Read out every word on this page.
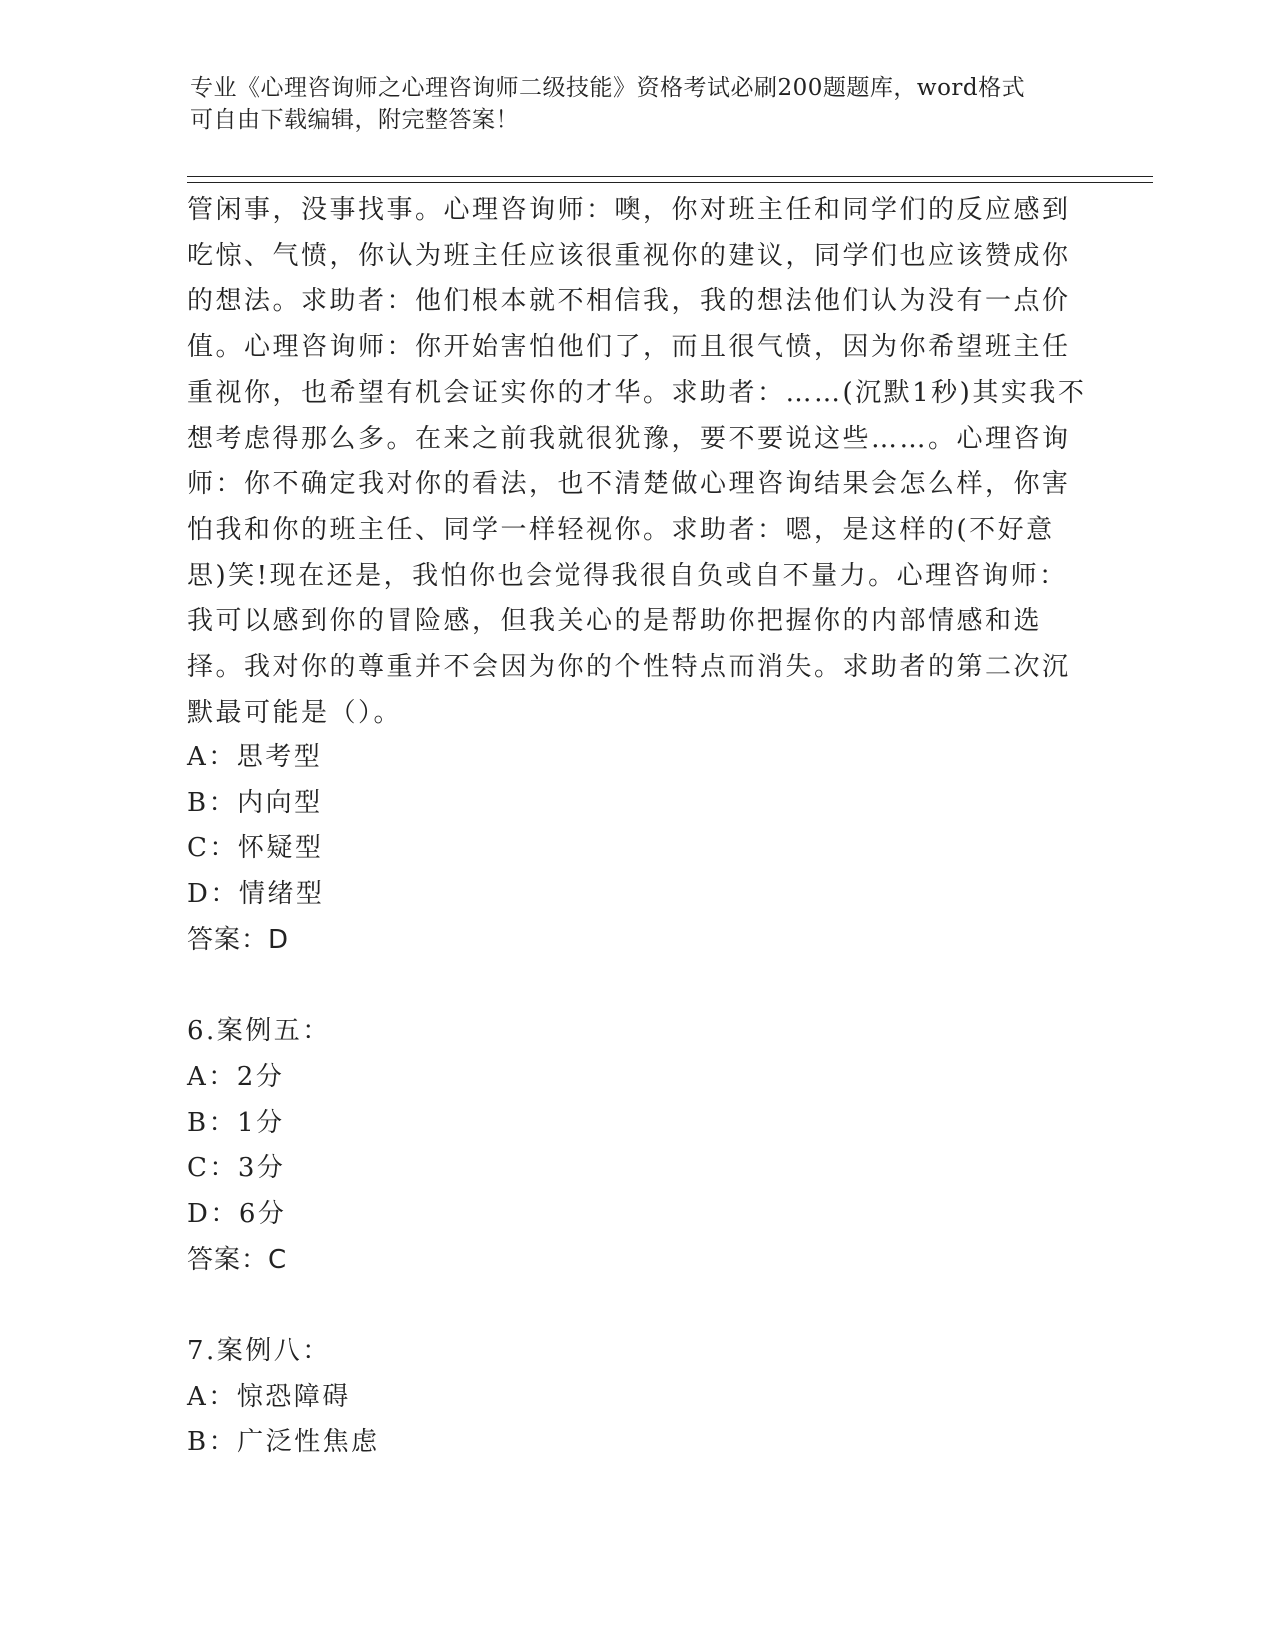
专业《心理咨询师之心理咨询师二级技能》资格考试必刷200题题库，word格式
可自由下载编辑，附完整答案！
管闲事，没事找事。心理咨询师：噢，你对班主任和同学们的反应感到吃惊、气愤，你认为班主任应该很重视你的建议，同学们也应该赞成你的想法。求助者：他们根本就不相信我，我的想法他们认为没有一点价值。心理咨询师：你开始害怕他们了，而且很气愤，因为你希望班主任重视你，也希望有机会证实你的才华。求助者：……(沉默1秒)其实我不想考虑得那么多。在来之前我就很犹豫，要不要说这些……。心理咨询师：你不确定我对你的看法，也不清楚做心理咨询结果会怎么样，你害怕我和你的班主任、同学一样轻视你。求助者：嗯，是这样的(不好意思)笑!现在还是，我怕你也会觉得我很自负或自不量力。心理咨询师：我可以感到你的冒险感，但我关心的是帮助你把握你的内部情感和选择。我对你的尊重并不会因为你的个性特点而消失。求助者的第二次沉默最可能是（）。
A：思考型
B：内向型
C：怀疑型
D：情绪型
答案：D
6.案例五：
A：2分
B：1分
C：3分
D：6分
答案：C
7.案例八：
A：惊恐障碍
B：广泛性焦虑
